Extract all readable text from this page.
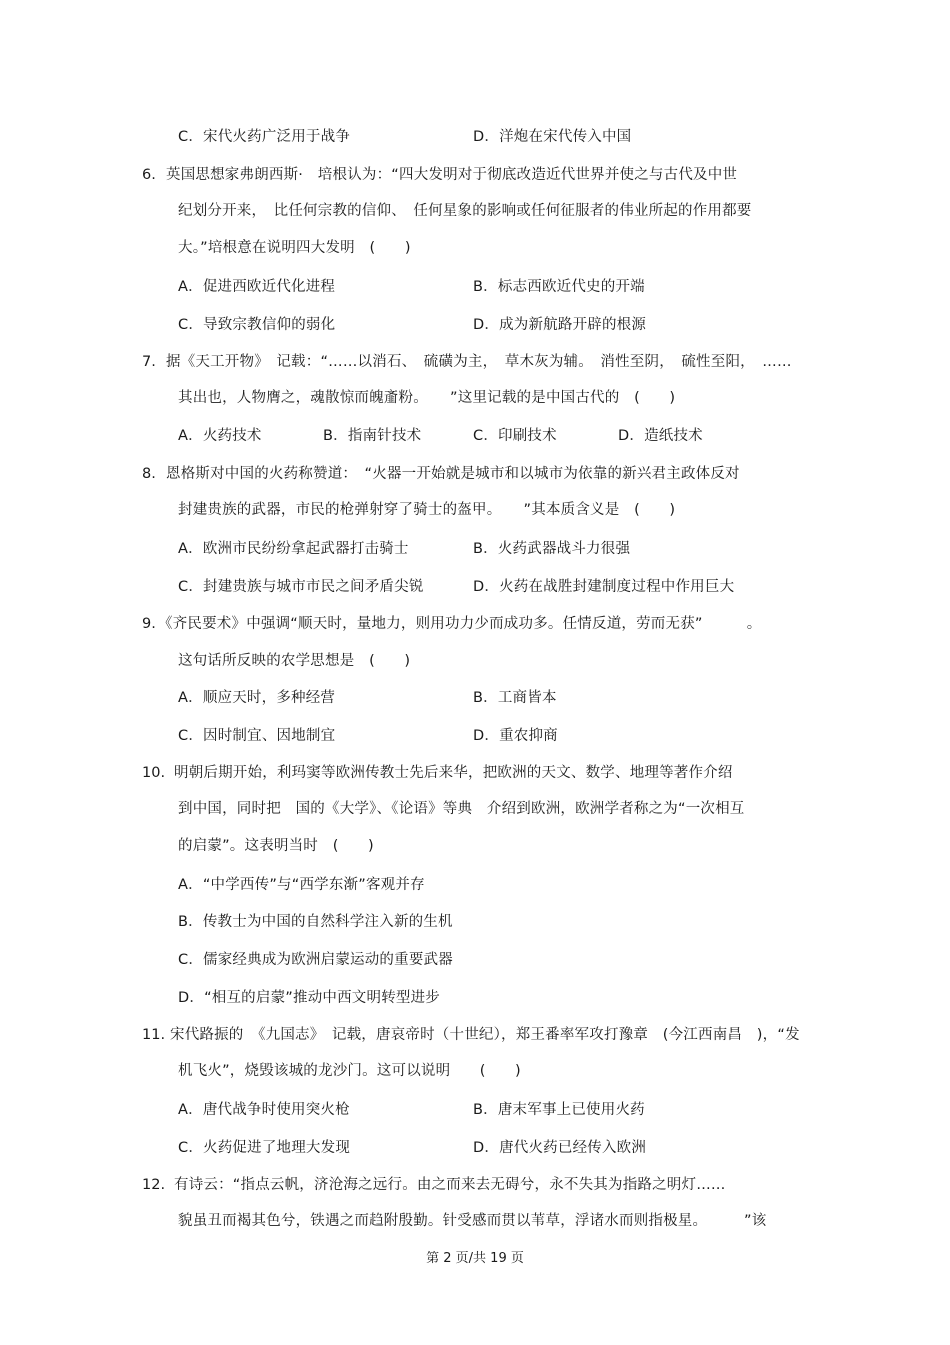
C．宋代火药广泛用于战争	D．洋炮在宋代传入中国
6. 英国思想家弗朗西斯·　培根认为：“四大发明对于彻底改造近代世界并使之与古代及中世
纪划分开来，　比任何宗教的信仰、　任何星象的影响或任何征服者的伟业所起的作用都要
大。”培根意在说明四大发明　(　　)
A．促进西欧近代化进程	B．标志西欧近代史的开端
C．导致宗教信仰的弱化	D．成为新航路开辟的根源
7. 据《天工开物》　记载：“……以消石、　硫磺为主，　草木灰为辅。　消性至阴，　硫性至阳，　……
其出也，人物膺之，魂散惊而魄齑粉。　　”这里记载的是中国古代的　(　　)
A．火药技术	B．指南针技术	C．印刷技术	D．造纸技术
8. 恩格斯对中国的火药称赞道：　“火器一开始就是城市和以城市为依靠的新兴君主政体反对
封建贵族的武器，市民的枪弹射穿了骑士的盔甲。　　”其本质含义是　(　　)
A．欧洲市民纷纷拿起武器打击骑士	B．火药武器战斗力很强
C．封建贵族与城市市民之间矛盾尖锐	D．火药在战胜封建制度过程中作用巨大
9. 《齐民要术》中强调“顺天时，量地力，则用功力少而成功多。任情反道，劳而无获”　　　。
这句话所反映的农学思想是　(　　)
A．顺应天时，多种经营	B．工商皆本
C．因时制宜、因地制宜	D．重农抑商
10. 明朝后期开始，利玛窦等欧洲传教士先后来华，把欧洲的天文、数学、地理等著作介绍
到中国，同时把　国的《大学》、《论语》等典　介绍到欧洲，欧洲学者称之为“一次相互
的启蒙”。这表明当时　(　　)
A．“中学西传”与“西学东渐”客观并存
B．传教士为中国的自然科学注入新的生机
C．儒家经典成为欧洲启蒙运动的重要武器
D．“相互的启蒙”推动中西文明转型进步
11. 宋代路振的　《九国志》　记载，唐哀帝时（十世纪），郑王番率军攻打豫章　(今江西南昌　)，“发
机飞火”，烧毁该城的龙沙门。这可以说明　　(　　)
A．唐代战争时使用突火枪	B．唐末军事上已使用火药
C．火药促进了地理大发现	D．唐代火药已经传入欧洲
12. 有诗云：“指点云帆，济沧海之远行。由之而来去无碍兮，永不失其为指路之明灯……
貌虽丑而褐其色兮，铁遇之而趋附殷勤。针受感而贯以苇草，浮诸水而则指极星。　　　”该
第 2 页/共 19 页
